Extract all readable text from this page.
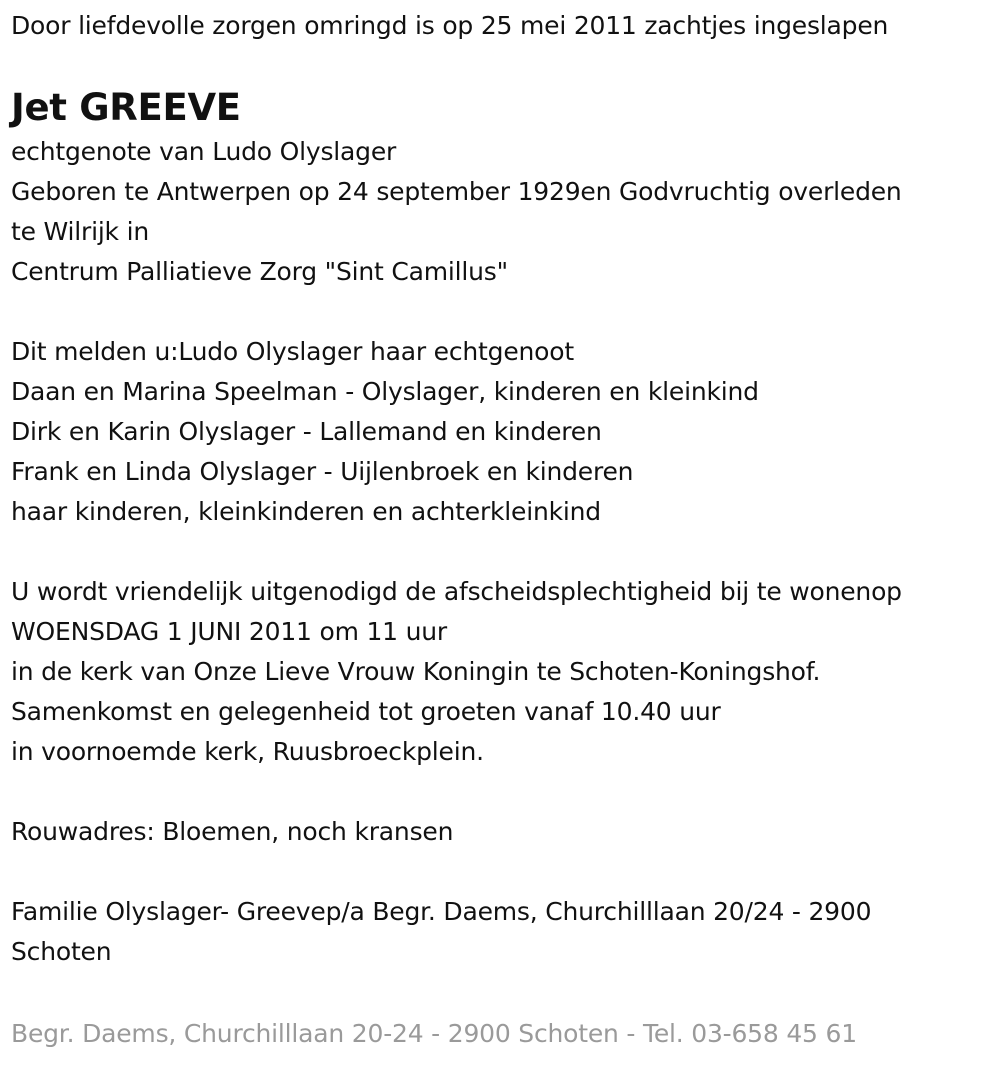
Door liefdevolle zorgen omringd is op 25 mei 2011 zachtjes ingeslapen
Jet GREEVE
echtgenote van Ludo Olyslager
Geboren te Antwerpen op 24 september 1929en Godvruchtig overleden
te Wilrijk in
Centrum Palliatieve Zorg "Sint Camillus"
Dit melden u:Ludo Olyslager haar echtgenoot
Daan en Marina Speelman - Olyslager, kinderen en kleinkind
Dirk en Karin Olyslager - Lallemand en kinderen
Frank en Linda Olyslager - Uijlenbroek en kinderen
haar kinderen, kleinkinderen en achterkleinkind
U wordt vriendelijk uitgenodigd de afscheidsplechtigheid bij te wonenop
WOENSDAG 1 JUNI 2011 om 11 uur
in de kerk van Onze Lieve Vrouw Koningin te Schoten-Koningshof.
Samenkomst en gelegenheid tot groeten vanaf 10.40 uur
in voornoemde kerk, Ruusbroeckplein.
Rouwadres: Bloemen, noch kransen
Familie Olyslager- Greevep/a Begr. Daems, Churchilllaan 20/24 - 2900
Schoten
Begr. Daems, Churchilllaan 20-24 - 2900 Schoten - Tel. 03-658 45 61
